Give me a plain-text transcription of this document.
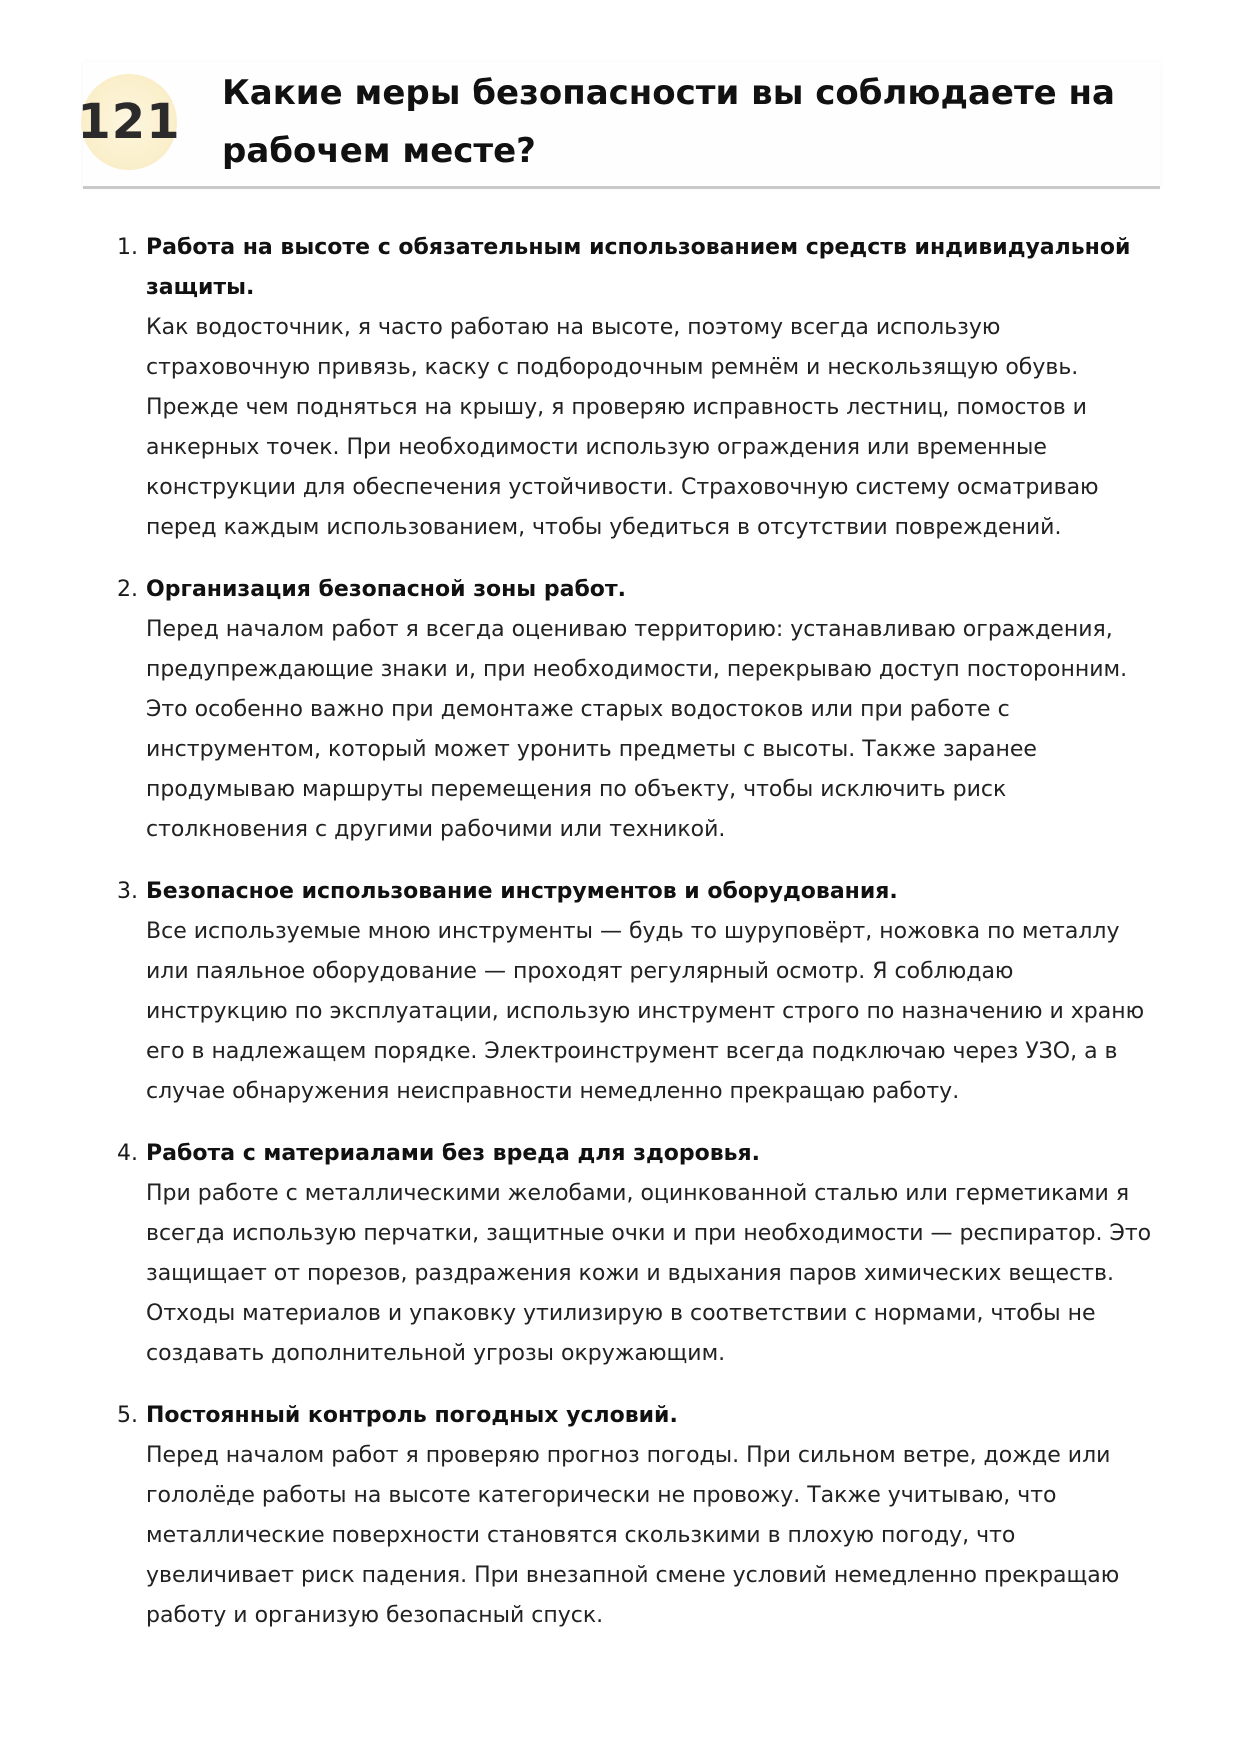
121
Какие меры безопасности вы соблюдаете на рабочем месте?
1. Работа на высоте с обязательным использованием средств индивидуальной защиты.

Как водосточник, я часто работаю на высоте, поэтому всегда использую страховочную привязь, каску с подбородочным ремнём и нескользящую обувь. Прежде чем подняться на крышу, я проверяю исправность лестниц, помостов и анкерных точек. При необходимости использую ограждения или временные конструкции для обеспечения устойчивости. Страховочную систему осматриваю перед каждым использованием, чтобы убедиться в отсутствии повреждений.

2. Организация безопасной зоны работ.

Перед началом работ я всегда оцениваю территорию: устанавливаю ограждения, предупреждающие знаки и, при необходимости, перекрываю доступ посторонним. Это особенно важно при демонтаже старых водостоков или при работе с инструментом, который может уронить предметы с высоты. Также заранее продумываю маршруты перемещения по объекту, чтобы исключить риск столкновения с другими рабочими или техникой.

3. Безопасное использование инструментов и оборудования.

Все используемые мною инструменты — будь то шуруповёрт, ножовка по металлу или паяльное оборудование — проходят регулярный осмотр. Я соблюдаю инструкцию по эксплуатации, использую инструмент строго по назначению и храню его в надлежащем порядке. Электроинструмент всегда подключаю через УЗО, а в случае обнаружения неисправности немедленно прекращаю работу.

4. Работа с материалами без вреда для здоровья.

При работе с металлическими желобами, оцинкованной сталью или герметиками я всегда использую перчатки, защитные очки и при необходимости — респиратор. Это защищает от порезов, раздражения кожи и вдыхания паров химических веществ. Отходы материалов и упаковку утилизирую в соответствии с нормами, чтобы не создавать дополнительной угрозы окружающим.

5. Постоянный контроль погодных условий.

Перед началом работ я проверяю прогноз погоды. При сильном ветре, дожде или гололёде работы на высоте категорически не провожу. Также учитываю, что металлические поверхности становятся скользкими в плохую погоду, что увеличивает риск падения. При внезапной смене условий немедленно прекращаю работу и организую безопасный спуск.
